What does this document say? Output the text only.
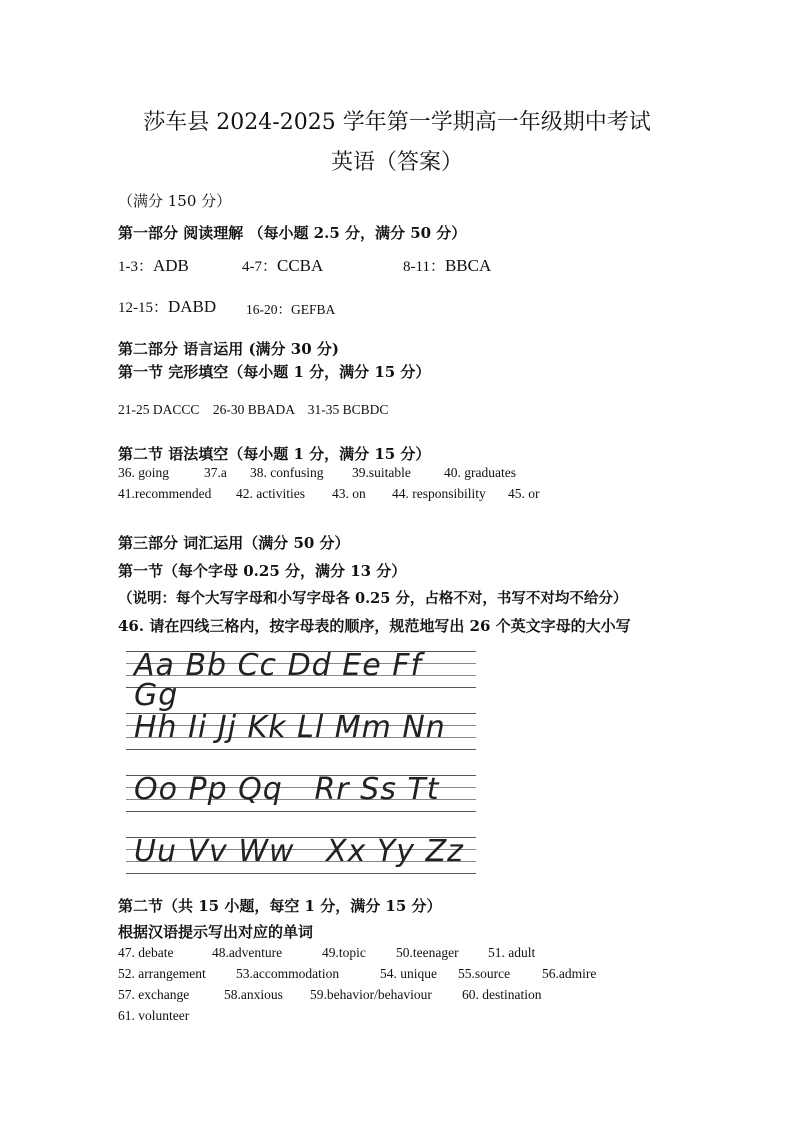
莎车县 2024-2025 学年第一学期高一年级期中考试
英语（答案）
（满分 150 分）
第一部分 阅读理解 （每小题 2.5 分，满分 50 分）
1-3：ADB	4-7：CCBA	8-11：BBCA
12-15：DABD 16-20：GEFBA
第二部分 语言运用 (满分 30 分)
第一节 完形填空（每小题 1 分，满分 15 分）
21-25 DACCC    26-30 BBADA    31-35 BCBDC
第二节 语法填空（每小题 1 分，满分 15 分）
36. going	37.a 38. confusing 39.suitable 40. graduates
41.recommended 42. activities 43. on 44. responsibility 45. or
第三部分 词汇运用（满分 50 分）
第一节（每个字母 0.25 分，满分 13 分）
（说明：每个大写字母和小写字母各 0.25 分，占格不对，书写不对均不给分）
46. 请在四线三格内，按字母表的顺序，规范地写出 26 个英文字母的大小写
Aa Bb Cc Dd Ee Ff Gg
Hh Ii Jj Kk Ll Mm Nn
Oo Pp Qq   Rr Ss Tt
Uu Vv Ww   Xx Yy Zz
第二节（共 15 小题，每空 1 分，满分 15 分）
根据汉语提示写出对应的单词
47. debate	48.adventure	49.topic 50.teenager 51. adult
52. arrangement 53.accommodation	54. unique 55.source 56.admire
57. exchange	58.anxious 59.behavior/behaviour 60. destination
61. volunteer
